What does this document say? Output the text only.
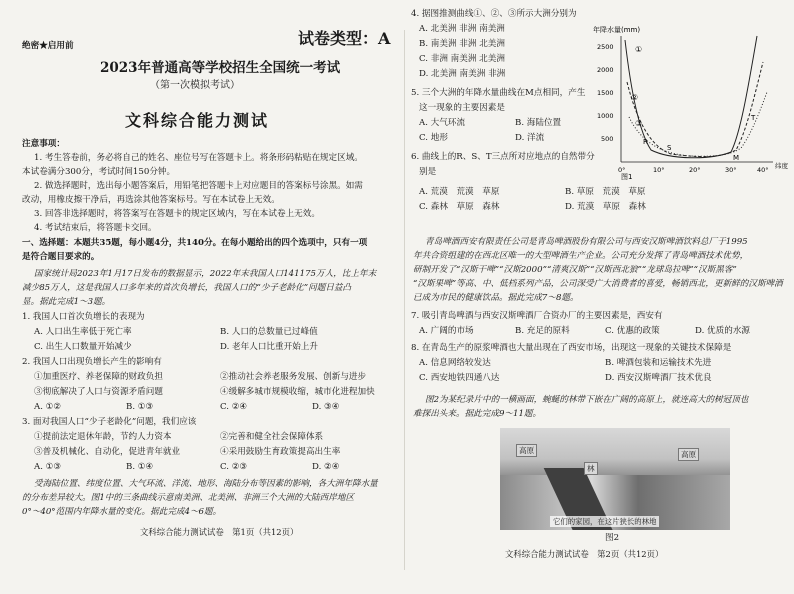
绝密★启用前	试卷类型：A
2023年普通高等学校招生全国统一考试
（第一次模拟考试）
文科综合能力测试
注意事项：
1. 考生答卷前，务必将自己的姓名、座位号写在答题卡上。将条形码粘贴在规定区域。
本试卷满分300分，考试时间150分钟。
2. 做选择题时，选出每小题答案后，用铅笔把答题卡上对应题目的答案标号涂黑。如需
改动，用橡皮擦干净后，再选涂其他答案标号。写在本试卷上无效。
3. 回答非选择题时，将答案写在答题卡的规定区域内，写在本试卷上无效。
4. 考试结束后，将答题卡交回。
一、选择题：本题共35题，每小题4分，共140分。在每小题给出的四个选项中，只有一项
是符合题目要求的。
国家统计局2023年1月17日发布的数据显示，2022年末我国人口141175万人，比上年末
减少85万人，这是我国人口多年来的首次负增长，我国人口的“少子老龄化”问题日益凸
显。据此完成1～3题。
1. 我国人口首次负增长的表现为
A. 人口出生率低于死亡率	B. 人口的总数量已过峰值
C. 出生人口数量开始减少	D. 老年人口比重开始上升
2. 我国人口出现负增长产生的影响有
①加重医疗、养老保障的财政负担	②推动社会养老服务发展、创新与进步
③彻底解决了人口与资源矛盾问题	④缓解多城市规模收缩，城市化进程加快
A. ①②	B. ①③	C. ②④	D. ③④
3. 面对我国人口“少子老龄化”问题，我们应该
①提前法定退休年龄，节约人力资本	②完善和健全社会保障体系
③普及机械化、自动化，促进青年就业	④采用鼓励生育政策提高出生率
A. ①③	B. ①④	C. ②③	D. ②④
受海陆位置、纬度位置、大气环流、洋流、地形、海陆分布等因素的影响，各大洲年降水量
的分布差异较大。图1中的三条曲线示意南美洲、北美洲、非洲三个大洲的大陆西岸地区
0°～40°范围内年降水量的变化。据此完成4～6题。
文科综合能力测试试卷　第1页（共12页）
4. 据图推测曲线①、②、③所示大洲分别为
A. 北美洲 非洲 南美洲
B. 南美洲 非洲 北美洲
C. 非洲 南美洲 北美洲
D. 北美洲 南美洲 非洲
5. 三个大洲的年降水量曲线在M点相同，产生
这一现象的主要因素是
A. 大气环流	B. 海陆位置
C. 地形	D. 洋流
6. 曲线上的R、S、T三点所对应地点的自然带分
别是
A. 荒漠　荒漠　草原	B. 草原　荒漠　草原
C. 森林　草原　森林	D. 荒漠　草原　森林
年降水量(mm)
2500
2000
1500
1000
500
0°	10°	20°	30°	40° 纬度
①
②
③
R
S
T
M
图1
青岛啤酒西安有限责任公司是青岛啤酒股份有限公司与西安汉斯啤酒饮料总厂于1995
年共合资组建的在西北区唯一的大型啤酒生产企业。公司充分发挥了青岛啤酒技术优势，
研制开发了“汉斯干啤”“汉斯2000”“清爽汉斯”“汉斯西北狼”“龙球岛拉啤”“汉斯黑客”
“汉斯果啤”等高、中、低档系列产品，公司深受广大消费者的喜爱，畅销西北，更新鲜的汉斯啤酒
已成为市民的健康饮品。据此完成7～8题。
7. 吸引青岛啤酒与西安汉斯啤酒厂合资办厂的主要因素是，西安有
A. 广阔的市场	B. 充足的原料	C. 优惠的政策	D. 优质的水源
8. 在青岛生产的原浆啤酒也大量出现在了西安市场，出现这一现象的关键技术保障是
A. 信息网络较发达	B. 啤酒包装和运输技术先进
C. 西安地铁四通八达	D. 西安汉斯啤酒厂技术优良
图2为某纪录片中的一横画面，蜿蜒的林带下嵌在广阔的高原上，就连高大的树冠顶也
难探出头来。据此完成9～11题。
高原
林
高原
它们的家园，在这片狭长的林地
图2
文科综合能力测试试卷　第2页（共12页）
